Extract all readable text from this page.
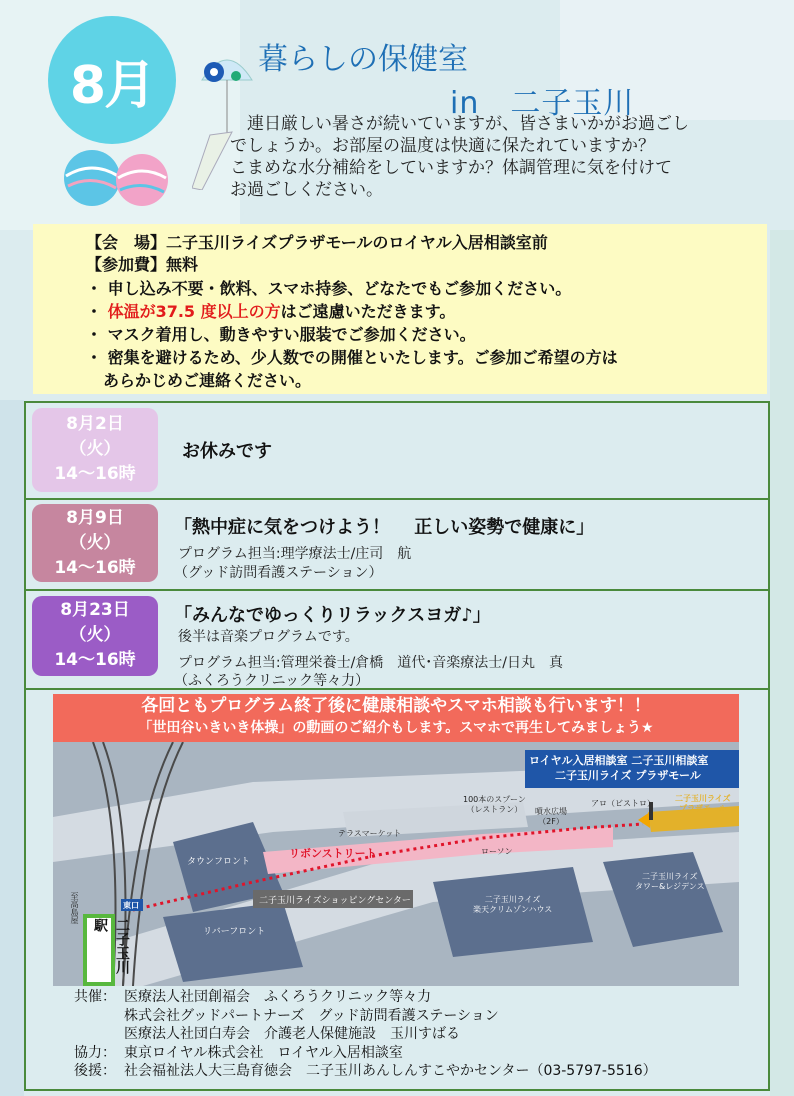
8月	暮らしの保健室
in　二子玉川

　連日厳しい暑さが続いていますが、皆さまいかがお過ごし

でしょうか。お部屋の温度は快適に保たれていますか？

こまめな水分補給をしていますか？体調管理に気を付けて

お過ごしください。

【会　場】二子玉川ライズプラザモールのロイヤル入居相談室前
【参加費】無料
・ 申し込み不要・飲料、スマホ持参、どなたでもご参加ください。
・ 体温が37.5 度以上の方はご遠慮いただきます。
・ マスク着用し、動きやすい服装でご参加ください。
・ 密集を避けるため、少人数での開催といたします。ご参加ご希望の方は
あらかじめご連絡ください。
8月2日
（火）
14～16時
お休みです
8月9日
（火）
14～16時
「熱中症に気をつけよう！　 正しい姿勢で健康に」
プログラム担当:理学療法士/庄司　航
（グッド訪問看護ステーション）
8月23日
（火）
14～16時
「みんなでゆっくりリラックスヨガ♪」
後半は音楽プログラムです。
プログラム担当:管理栄養士/倉橋　道代･音楽療法士/日丸　真
（ふくろうクリニック等々力）
各回ともプログラム終了後に健康相談やスマホ相談も行います！！
「世田谷いきいき体操」の動画のご紹介もします。スマホで再生してみましょう★
ロイヤル入居相談室 二子玉川相談室
二子玉川ライズ プラザモール
100本のスプーン
（レストラン）	噴水広場
（2F）
アロ（ビストロ）
二子玉川ライズ
プラザモール
テラスマーケット
タウンフロント
リボンストリート	ローソン
リバーフロント
二子玉川ライズショッピングセンター	二子玉川ライズ
楽天クリムゾンハウス
二子玉川ライズ
タワー&レジデンス
東口
至高島屋
二子玉川駅
共催： 医療法人社団創福会　ふくろうクリニック等々力
株式会社グッドパートナーズ　グッド訪問看護ステーション
医療法人社団白寿会　介護老人保健施設　玉川すばる
協力： 東京ロイヤル株式会社　ロイヤル入居相談室
後援： 社会福祉法人大三島育徳会　二子玉川あんしんすこやかセンター（03-5797-5516）
